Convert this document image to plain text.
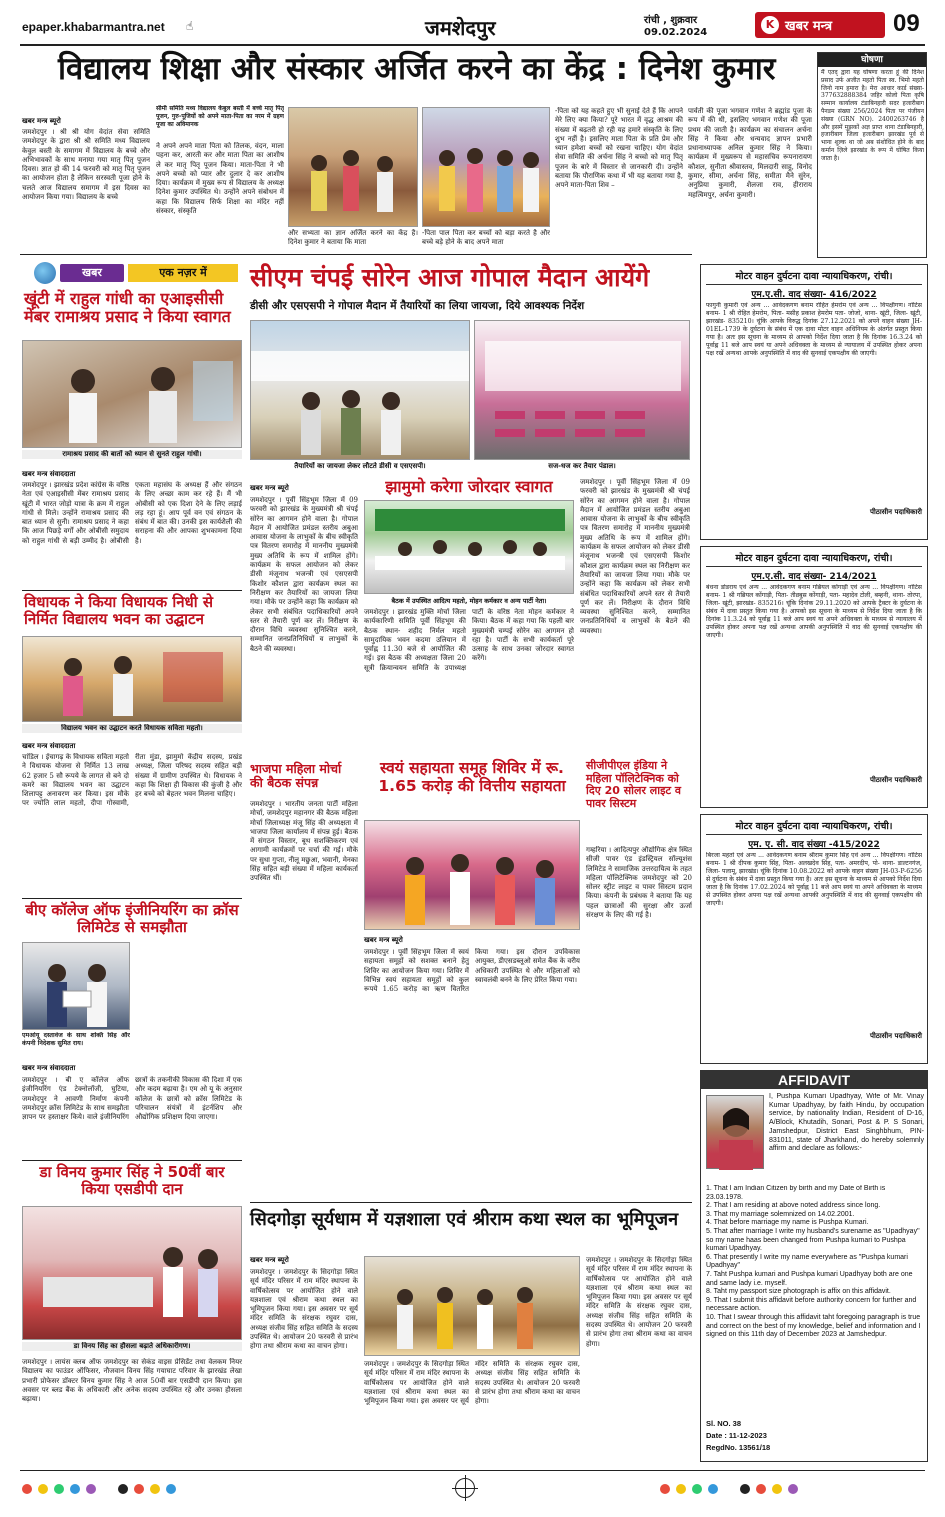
epaper.khabarmantra.net ☝	जमशेदपुर	रांची , शुक्रवार
09.02.2024
K खबर मन्त्र	09
विद्यालय शिक्षा और संस्कार अर्जित करने का केंद्र : दिनेश कुमार
खबर मन्त्र ब्यूरो
जमशेदपुर । श्री श्री योग वेदांत सेवा समिति जमशेदपुर के द्वारा श्री श्री समिति मध्य विद्यालय केवुल बस्ती के समागम में विद्यालय के बच्चे और अभिभावकों के साथ मनाया गया मातृ पितृ पूजन दिवस। ज्ञात हो की 14 फरवरी को मातृ पितृ पूजन का आयोजन होता है लेकिन सरस्वती पूजा होने के चलते आज विद्यालय समागम में इस दिवस का आयोजन किया गया। विद्यालय के बच्चे
सीमी समिति मध्य विद्यालय केबुल बस्ती में बच्चे मातृ पितृ पूजन, गुरु-पूजियों को अपने माता-पिता का नरम में ग्रहण पूजा का अविमानक
ने अपने अपने माता पिता को तिलक, वंदन, माला पहना कर, आरती कर और माता पिता का आशीष ले कर मातृ पितृ पूजन किया। माता-पिता ने भी अपने बच्चो को प्यार और दुलार दे कर आशीष दिया। कार्यक्रम में मुख्य रूप से विद्यालय के अध्यक्ष दिनेश कुमार उपस्थित थे। उन्होंने अपने संबोधन में कहा कि विद्यालय सिर्फ शिक्षा का मंदिर नहीं संस्कार, संस्कृति
और सभ्यता का ज्ञान अर्जित करने का केंद्र है। दिनेश कुमार ने बताया कि माता
-पिता पाल पिता कर बच्चों को बड़ा करते है और बच्चे बड़े होने के बाद अपने माता
-पिता को यह कहते हुए भी सुनाई देते हैं कि आपने मेरे लिए क्या किया? पूरे भारत में वृद्ध आश्रम की संख्या में बढ़तरी हो रही यह हमारे संस्कृति के लिए शुभ नहीं है। इसलिए माता पिता के प्रति प्रेम और ध्यान हमेशा बच्चों को रखना चाहिए। योग वेदांत सेवा समिति की अर्चना सिंह ने बच्चो को मातृ पितृ पूजन के बारे में विस्तार से जानकारी दी। उन्होंने बताया कि पौराणिक कथा में भी यह बताया गया है, अपने माता-पिता शिव –
पार्वती की पूजा भगवान गणेश ने ब्रह्मांड पूजा के रूप में की थी, इसलिए भगवान गणेश की पूजा प्रथम की जाती है। कार्यक्रम का संचालन अर्चना सिंह ने किया और धन्यवाद ज्ञापन प्रभारी प्रधानाध्यापक अनिल कुमार सिंह ने किया। कार्यक्रम में मुख्यरूप से महासचिव रूपनारायण कौशल, सुनीता श्रीवास्तव, मिलदारी साहु, विनोद कुमार, सीमा, अर्चना सिंह, समीता मैने सुंरेन, अनुप्रिया कुमारी, शैलजा राव, हीराराय महत्विमपुर, अर्चना कुमारी।
घोषणा
मैं एतद् द्वारा यह घोषणा करता हूं की दिनेश प्रसाद उर्फ अजीत महतो पिता स्व. भिमो महतो जिनो नाम हमारा है। मेरा आधार कार्ड संख्या- 377632888384 जहिर कोलो पिता कृषि सम्मान कार्यालय टंडाबिनहारी सदर हजारीबाग पैनडम संख्या 256/2024 पिता पर पंजीयन संख्या (GRN NO). 2400263746 है और इसमें मुझकों अज्ञ प्राप्त थाना टंडाबिनहारी, हजारीबाग जिला हजारीबाग झारखंड पूर्व से भाना शुल्क था जो अब संशोधित होने के बाद कर्मान ज़िले झारखंड के रूप में घोषित किया जाता है।
खबर	एक नज़र में
खूंटी में राहुल गांधी का एआइसीसी मेंबर रामाश्रय प्रसाद ने किया स्वागत
रामाश्रय प्रसाद की बातों को ध्यान से सुनते राहुल गांधी।
खबर मन्त्र संवाददाता
जमशेदपुर । झारखंड प्रदेश कांग्रेस के वरिष्ठ नेता एवं एआइसीसी मेंबर रामाश्रय प्रसाद खूंटी में भारत जोड़ो यात्रा के क्रम में राहुल गांधी से मिले। उन्होंने रामाश्रय प्रसाद की बात ध्यान से सुनी। रामाश्रय प्रसाद ने कहा कि आज पिछड़े वर्गों और ओबीसी समुदाय को राहुल गांधी से बड़ी उम्मीद है। ओबीसी एकता महासंघ के अध्यक्ष हैं और संगठन के लिए अच्छा काम कर रहे हैं। मैं भी ओबीसी को एक दिशा देने के लिए लड़ाई लड़ रहा हूं। आप पूर्व वन एवं संगठन के संबंध में बात की। उनकी इस कार्यशैली की सराहना की और आपका शुभकामना दिया है।
विधायक ने किया विधायक निधी से निर्मित विद्यालय भवन का उद्घाटन
विद्यालय भवन का उद्घाटन करते विधायक सविता महतो।
खबर मन्त्र संवाददाता
चांडिल । ईचागढ़ के विधायक सविता महतो ने विधायक योजना से निर्मित 13 लाख 62 हजार 5 सौ रूपये के लागत से बने दो कमरे का विद्यालय भवन का उद्घाटन शिलापट्ट अनावरण कर किया। इस मौके पर ज्योति लाल महतो, दीपा गोस्वामी, रीता मुंडा, झामुमो केंद्रीय सदस्य, प्रखंड अध्यक्ष, जिला परिषद सदस्य सहित बड़ी संख्या में ग्रामीण उपस्थित थे। विधायक ने कहा कि शिक्षा ही विकास की कुंजी है और हर बच्चे को बेहतर भवन मिलना चाहिए।
बीए कॉलेज ऑफ इंजीनियरिंग का क्रॉस लिमिटेड से समझौता
एमओयू दस्तावेज के साथ शक्ति सिंह और कंपनी निदेशक सुमित राय।
खबर मन्त्र संवाददाता
जमशेदपुर । बी ए कॉलेज ऑफ इंजीनियरिंग एंड टेक्नोलॉजी, घुटिया, जमशेदपुर ने आवणी निर्माण कंपनी जमशेदपुर क्रॉस लिमिटेड के साथ समझौता ज्ञापन पर हस्ताक्षर किये। वाले इंजीनियरिंग छात्रों के तकनीकी विकास की दिशा में एक और कदम बढ़ाया है। एम ओ यू के अनुसार कॉलेज के छात्रों को क्रॉस लिमिटेड के परिचालन संयंत्रों में इंटर्नशिप और औद्योगिक प्रशिक्षण दिया जाएगा।
डा विनय कुमार सिंह ने 50वीं बार किया एसडीपी दान
डा विनय सिंह का हौसला बढ़ाते अधिकारीगण।
सीएम चंपई सोरेन आज गोपाल मैदान आयेंगे
डीसी और एसएसपी ने गोपाल मैदान में तैयारियों का लिया जायजा, दिये आवश्यक निर्देश
तैयारियों का जायजा लेकर लौटते डीसी व एसएसपी।	सज-धज कर तैयार पंडाल।
खबर मन्त्र ब्यूरो
जमशेदपुर । पूर्वी सिंहभूम जिला में 09 फरवरी को झारखंड के मुख्यमंत्री श्री चंपई सोरेन का आगमन होने वाला है। गोपाल मैदान में आयोजित प्रमंडल स्तरीय अबुआ आवास योजना के लाभुकों के बीच स्वीकृति पत्र वितरण समारोह में माननीय मुख्यमंत्री मुख्य अतिथि के रूप में शामिल होंगे। कार्यक्रम के सफल आयोजन को लेकर डीसी मंजूनाथ भजन्त्री एवं एसएसपी किशोर कौशल द्वारा कार्यक्रम स्थल का निरीक्षण कर तैयारियों का जायजा लिया गया। मौके पर उन्होंने कहा कि कार्यक्रम को लेकर सभी संबंधित पदाधिकारियों अपने स्तर से तैयारी पूर्ण कर लें। निरीक्षण के दौरान विधि व्यवस्था सुनिश्चित करने, सम्मानित जनप्रतिनिधियों व लाभुकों के बैठने की व्यवस्था।
झामुमो करेगा जोरदार स्वागत	जमशेदपुर । पूर्वी सिंहभूम जिला में 09 फरवरी को झारखंड के मुख्यमंत्री श्री चंपई सोरेन का आगमन होने वाला है। गोपाल मैदान में आयोजित प्रमंडल स्तरीय अबुआ आवास योजना के लाभुकों के बीच स्वीकृति पत्र वितरण समारोह में माननीय मुख्यमंत्री मुख्य अतिथि के रूप में शामिल होंगे। कार्यक्रम के सफल आयोजन को लेकर डीसी मंजूनाथ भजन्त्री एवं एसएसपी किशोर कौशल द्वारा कार्यक्रम स्थल का निरीक्षण कर तैयारियों का जायजा लिया गया। मौके पर उन्होंने कहा कि कार्यक्रम को लेकर सभी संबंधित पदाधिकारियों अपने स्तर से तैयारी पूर्ण कर लें। निरीक्षण के दौरान विधि व्यवस्था सुनिश्चित करने, सम्मानित जनप्रतिनिधियों व लाभुकों के बैठने की व्यवस्था।
बैठक में उपस्थित आदित्य महतो, मोहन कर्मकार व अन्य पार्टी नेता।
जमशेदपुर । झारखंड मुक्ति मोर्चा जिला कार्यकारिणी समिति पूर्वी सिंहभूम की बैठक स्थान- शहीद निर्मल महतो सामुदायिक भवन कदमा उलियान में पूर्वाह्न 11.30 बजे से आयोजित की गई। इस बैठक की अध्यक्षता जिला 20 सूत्री क्रियान्वयन समिति के उपाध्यक्ष पार्टी के वरिष्ठ नेता मोहन कर्मकार ने किया। बैठक में कहा गया कि पहली बार मुख्यमंत्री चम्पई सोरेन का आगमन हो रहा है। पार्टी के सभी कार्यकर्ता पूरे उत्साह के साथ उनका जोरदार स्वागत करेंगे।
भाजपा महिला मोर्चा की बैठक संपन्न
जमशेदपुर । भारतीय जनता पार्टी महिला मोर्चा, जमशेदपुर महानगर की बैठक महिला मोर्चा जिलाध्यक्ष मंजू सिंह की अध्यक्षता में भाजपा जिला कार्यालय में संपन्न हुई। बैठक में संगठन विस्तार, बूथ सशक्तिकरण एवं आगामी कार्यक्रमों पर चर्चा की गई। मौके पर सुधा गुप्ता, नीलू मछुआ, भवानी, मेनका सिंह सहित बड़ी संख्या में महिला कार्यकर्ता उपस्थित थीं।
स्वयं सहायता समूह शिविर में रू. 1.65 करोड़ की वित्तीय सहायता
खबर मन्त्र ब्यूरो
जमशेदपुर । पूर्वी सिंहभूम जिला में स्वयं सहायता समूहों को सशक्त बनाने हेतु शिविर का आयोजन किया गया। शिविर में विभिन्न स्वयं सहायता समूहों को कुल रूपये 1.65 करोड़ का ऋण वितरित किया गया। इस दौरान उपविकास आयुक्त, डीएसडब्लूओ समेत बैंक के वरीय अधिकारी उपस्थित थे और महिलाओं को स्वावलंबी बनने के लिए प्रेरित किया गया।
सीजीपीएल इंडिया ने महिला पॉलिटेक्निक को दिए 20 सोलर लाइट व पावर सिस्टम
गम्हरिया । आदित्यपुर औद्योगिक क्षेत्र स्थित सीजी पावर एंड इंडस्ट्रियल सॉल्यूशंस लिमिटेड ने सामाजिक उत्तरदायित्व के तहत महिला पॉलिटेक्निक जमशेदपुर को 20 सोलर स्ट्रीट लाइट व पावर सिस्टम प्रदान किया। कंपनी के प्रबंधक ने बताया कि यह पहल छात्राओं की सुरक्षा और ऊर्जा संरक्षण के लिए की गई है।
सिदगोड़ा सूर्यधाम में यज्ञशाला एवं श्रीराम कथा स्थल का भूमिपूजन
खबर मन्त्र ब्यूरो
जमशेदपुर । जमशेदपुर के सिदगोड़ा स्थित सूर्य मंदिर परिसर में राम मंदिर स्थापना के वार्षिकोत्सव पर आयोजित होने वाले यज्ञशाला एवं श्रीराम कथा स्थल का भूमिपूजन किया गया। इस अवसर पर सूर्य मंदिर समिति के संरक्षक रघुवर दास, अध्यक्ष संजीव सिंह सहित समिति के सदस्य उपस्थित थे। आयोजन 20 फरवरी से प्रारंभ होगा तथा श्रीराम कथा का वाचन होगा।
जमशेदपुर । जमशेदपुर के सिदगोड़ा स्थित सूर्य मंदिर परिसर में राम मंदिर स्थापना के वार्षिकोत्सव पर आयोजित होने वाले यज्ञशाला एवं श्रीराम कथा स्थल का भूमिपूजन किया गया। इस अवसर पर सूर्य मंदिर समिति के संरक्षक रघुवर दास, अध्यक्ष संजीव सिंह सहित समिति के सदस्य उपस्थित थे। आयोजन 20 फरवरी से प्रारंभ होगा तथा श्रीराम कथा का वाचन होगा।
जमशेदपुर । जमशेदपुर के सिदगोड़ा स्थित सूर्य मंदिर परिसर में राम मंदिर स्थापना के वार्षिकोत्सव पर आयोजित होने वाले यज्ञशाला एवं श्रीराम कथा स्थल का भूमिपूजन किया गया। इस अवसर पर सूर्य मंदिर समिति के संरक्षक रघुवर दास, अध्यक्ष संजीव सिंह सहित समिति के सदस्य उपस्थित थे। आयोजन 20 फरवरी से प्रारंभ होगा तथा श्रीराम कथा का वाचन होगा।
जमशेदपुर । लायंस क्लब ऑफ जमशेदपुर का सेकंड वाइस प्रेसिडेंट तथा वेलकम नियर विद्यालय का फाउंडर ऑफिसर, नौजवान विनय सिंह गयाघाट परिवार के झारखंड लेखा प्रभारी प्रोफेसर डॉक्टर विनय कुमार सिंह ने आज 50वीं बार एसडीपी दान किया। इस अवसर पर ब्लड बैंक के अधिकारी और अनेक सदस्य उपस्थित रहे और उनका हौसला बढ़ाया।
मोटर वाहन दुर्घटना दावा न्यायाधिकरण, रांची।
एम.ए.सी. वाद संख्या- 416/2022
फागुनी कुमारी एवं अन्य ... आवेदकगण बनाम रोहित हेमरोम एवं अन्य ... विपक्षीगण। नोटिस बनाम- 1 श्री रोहित हेमरोम, पिता- मसीह प्रकाश हेमरोम पता- जोजो, थाना- खूंटी, जिला- खूंटी, झारखंड- 835210। चूंकि आपके विरुद्ध दिनांक 27.12.2021 को अपने वाहन संख्या JH-01EL-1739 के दुर्घटना के संबंध में एक दावा मोटर वाहन अधिनियम के अंतर्गत प्रस्तुत किया गया है। अतः इस सूचना के माध्यम से आपको निर्देश दिया जाता है कि दिनांक 16.3.24 को पूर्वाह्न 11 बजे आप स्वयं या अपने अधिवक्ता के माध्यम से न्यायालय में उपस्थित होकर अपना पक्ष रखें अन्यथा आपके अनुपस्थिति में वाद की सुनवाई एकपक्षीय की जाएगी।
पीठासीन पदाधिकारी
मोटर वाहन दुर्घटना दावा न्यायाधिकरण, रांची।
एम.ए.सी. वाद संख्या- 214/2021
बंधना डोडराय एवं अन्य ... आवेदकगण बनाम गब्रियल कोंगाड़ी एवं अन्य ... विपक्षीगण। नोटिस बनाम- 1 श्री गब्रियल कोंगाड़ी, पिता- तीव्रबुस कोंगाड़ी, पता- महादेव टोली, बम्हनी, थाना- तोरपा, जिला- खूंटी, झारखंड- 835216। चूंकि दिनांक 29.11.2020 को आपके ट्रैक्टर के दुर्घटना के संबंध में दावा प्रस्तुत किया गया है। आपको इस सूचना के माध्यम से निर्देश दिया जाता है कि दिनांक 11.3.24 को पूर्वाह्न 11 बजे आप स्वयं या अपने अधिवक्ता के माध्यम से न्यायालय में उपस्थित होकर अपना पक्ष रखें अन्यथा आपकी अनुपस्थिति में वाद की सुनवाई एकपक्षीय की जाएगी।
पीठासीन पदाधिकारी
मोटर वाहन दुर्घटना दावा न्यायाधिकरण, रांची।
एम. ए. सी. वाद संख्या -415/2022
बिरजा महतो एवं अन्य ... आवेदकगण बनाम श्रीराम कुमार सिंह एवं अन्य ... विपक्षीगण। नोटिस बनाम- 1 श्री दीपक कुमार सिंह, पिता- अलखदेव सिंह, पता- अमरदीप, पो- थाना- डाल्टनगंज, जिला- पलामू, झारखंड। चूंकि दिनांक 10.08.2022 को आपके वाहन संख्या JH-03-P-6256 से दुर्घटना के संबंध में दावा प्रस्तुत किया गया है। अतः इस सूचना के माध्यम से आपको निर्देश दिया जाता है कि दिनांक 17.02.2024 को पूर्वाह्न 11 बजे आप स्वयं या अपने अधिवक्ता के माध्यम से उपस्थित होकर अपना पक्ष रखें अन्यथा आपकी अनुपस्थिति में वाद की सुनवाई एकपक्षीय की जाएगी।
पीठासीन पदाधिकारी
AFFIDAVIT
I, Pushpa Kumari Upadhyay, Wife of Mr. Vinay Kumar Upadhyay, by faith Hindu, by occupation service, by nationality Indian, Resident of D-16, A/Block, Khutadih, Sonari, Post & P. S Sonari, Jamshedpur, District East Singhbhum, PIN-831011, state of Jharkhand, do hereby solemnly affirm and declare as follows:-
1. That I am Indian Citizen by birth and my Date of Birth is 23.03.1978.
2. That I am residing at above noted address since long.
3. That my marriage solemnized on 14.02.2001.
4. That before marriage my name is Pushpa Kumari.
5. That after marriage I write my husband's surename as "Upadhyay" so my name haas been changed from Pushpa kumari to Pushpa kumari Upadhyay.
6. That presently I write my name everywhere as "Pushpa kumari Upadhyay"
7. Taht Pushpa kumari and Pushpa kumari Upadhyay both are one and same lady i.e. myself.
8. Taht my passport size photograph is affix on this affidavit.
9. That I submit this affidavit before authority concern for further and necessare action.
10. That I swear through this affidavit taht foregoing paragraph is true and correct on the best of my knowledge, belief and information and I signed on this 11th day of December 2023 at Jamshedpur.
Sl. NO. 38
Date : 11-12-2023
RegdNo. 13561/18
